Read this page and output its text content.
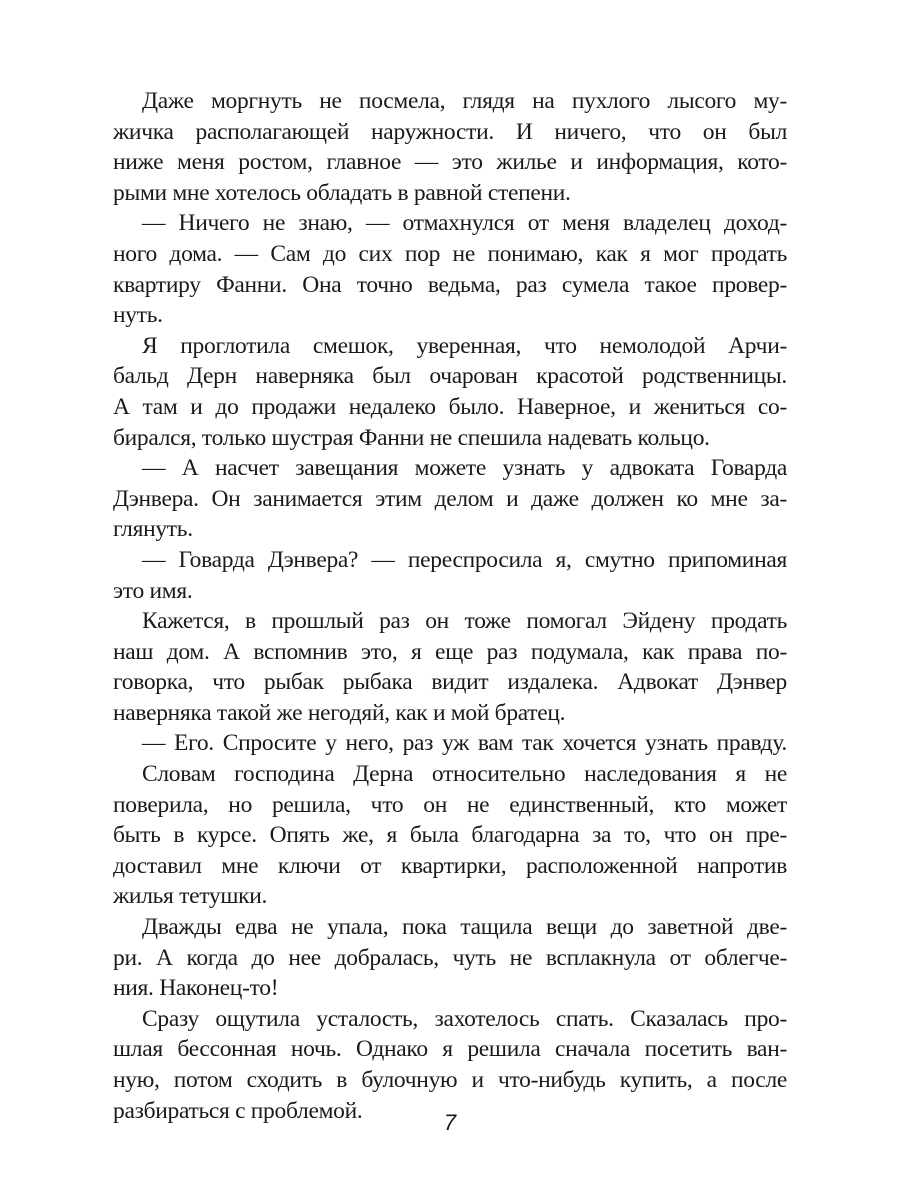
Даже моргнуть не посмела, глядя на пухлого лысого му-
жичка располагающей наружности. И ничего, что он был
ниже меня ростом, главное — это жилье и информация, кото-
рыми мне хотелось обладать в равной степени.
— Ничего не знаю, — отмахнулся от меня владелец доход-
ного дома. — Сам до сих пор не понимаю, как я мог продать
квартиру Фанни. Она точно ведьма, раз сумела такое провер-
нуть.
Я проглотила смешок, уверенная, что немолодой Арчи-
бальд Дерн наверняка был очарован красотой родственницы.
А там и до продажи недалеко было. Наверное, и жениться со-
бирался, только шустрая Фанни не спешила надевать кольцо.
— А насчет завещания можете узнать у адвоката Говарда
Дэнвера. Он занимается этим делом и даже должен ко мне за-
глянуть.
— Говарда Дэнвера? — переспросила я, смутно припоминая
это имя.
Кажется, в прошлый раз он тоже помогал Эйдену продать
наш дом. А вспомнив это, я еще раз подумала, как права по-
говорка, что рыбак рыбака видит издалека. Адвокат Дэнвер
наверняка такой же негодяй, как и мой братец.
— Его. Спросите у него, раз уж вам так хочется узнать правду.
Словам господина Дерна относительно наследования я не
поверила, но решила, что он не единственный, кто может
быть в курсе. Опять же, я была благодарна за то, что он пре-
доставил мне ключи от квартирки, расположенной напротив
жилья тетушки.
Дважды едва не упала, пока тащила вещи до заветной две-
ри. А когда до нее добралась, чуть не всплакнула от облегче-
ния. Наконец-то!
Сразу ощутила усталость, захотелось спать. Сказалась про-
шлая бессонная ночь. Однако я решила сначала посетить ван-
ную, потом сходить в булочную и что-нибудь купить, а после
разбираться с проблемой.	7
